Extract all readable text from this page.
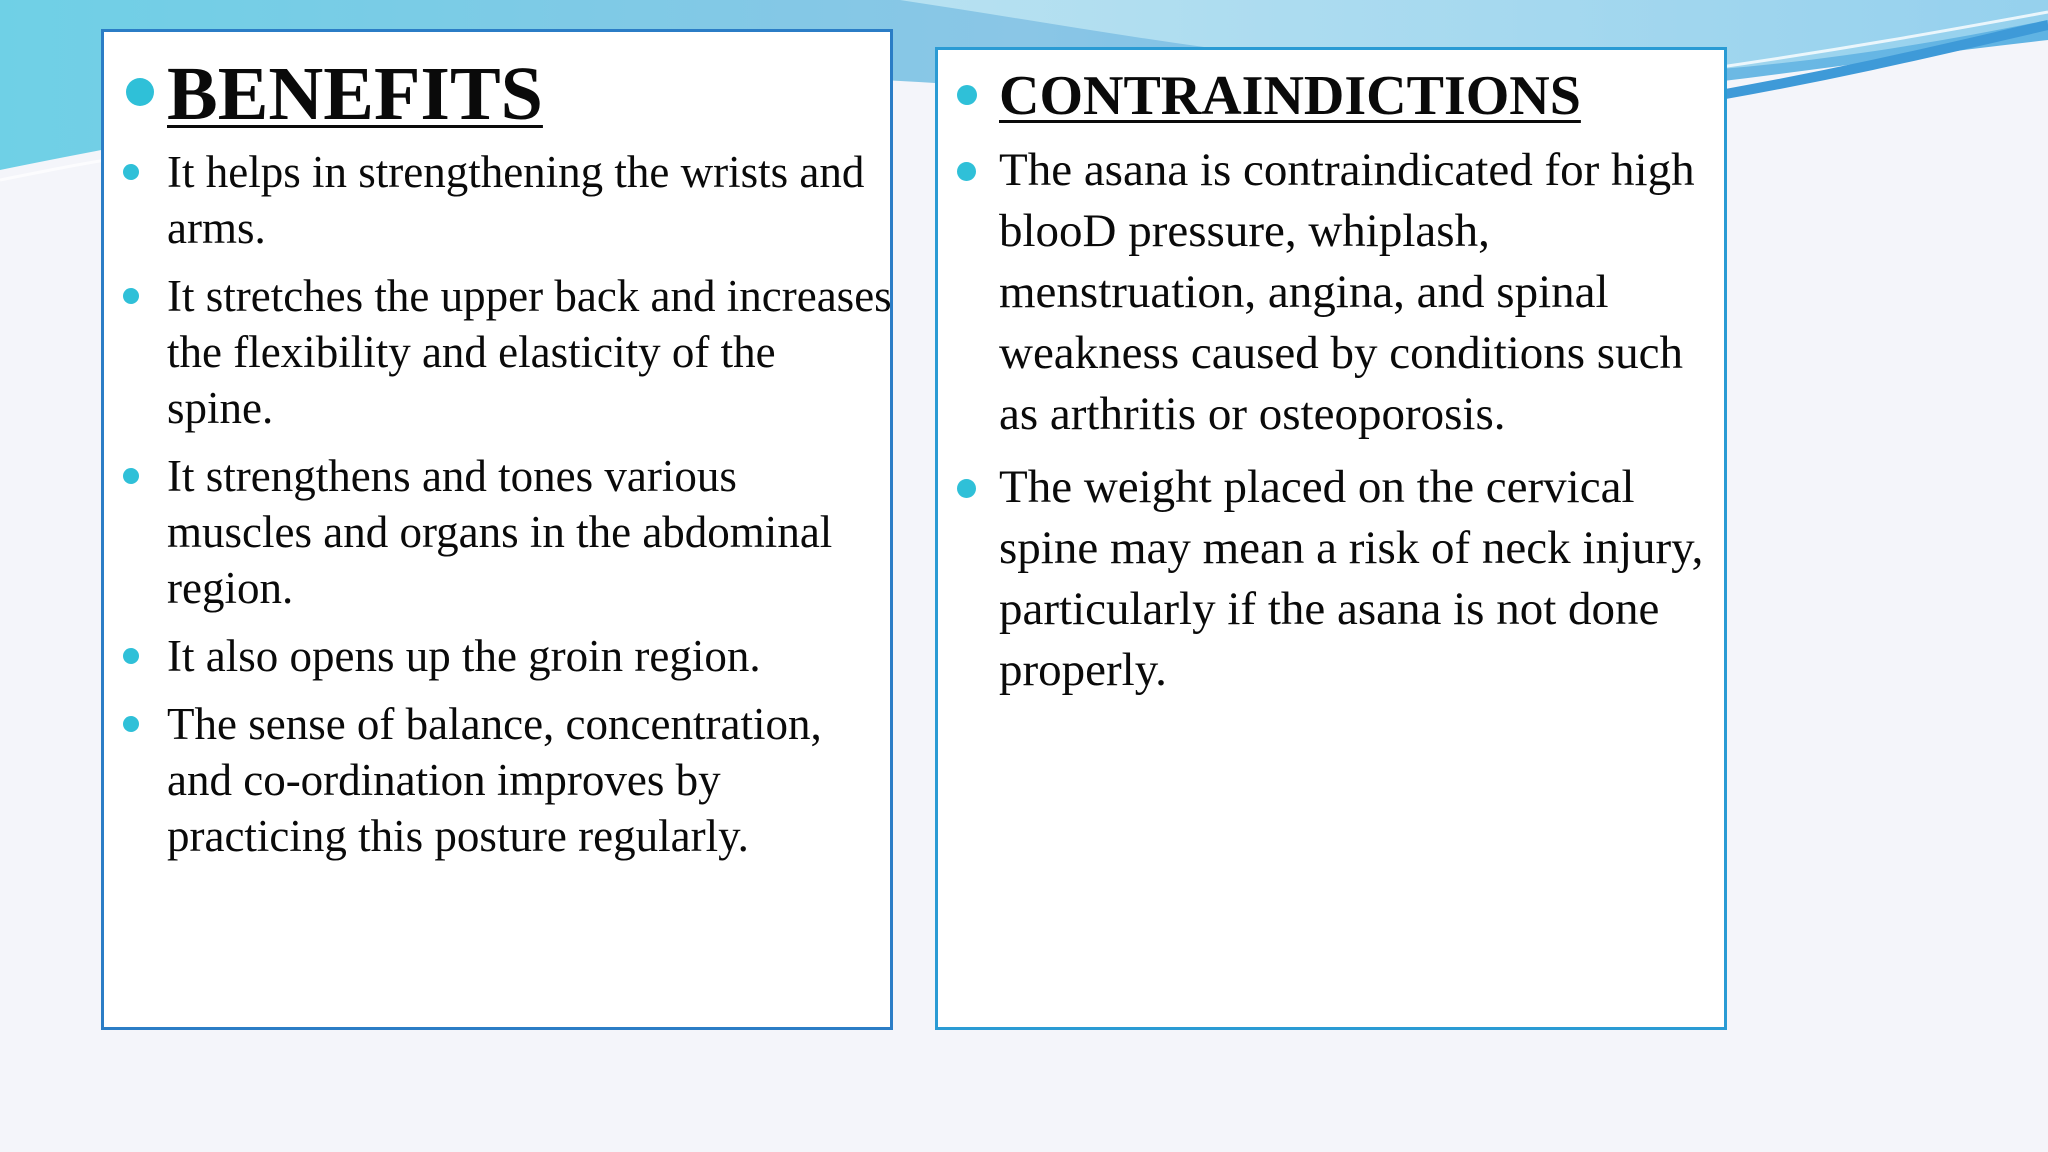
BENEFITS
It helps in strengthening the wrists and arms.
It stretches the upper back and increases the flexibility and elasticity of the spine.
It strengthens and tones various muscles and organs in the abdominal region.
It also opens up the groin region.
The sense of balance, concentration, and co-ordination improves by practicing this posture regularly.
CONTRAINDICTIONS
The asana is contraindicated for high blooD pressure, whiplash, menstruation, angina, and spinal weakness caused by conditions such as arthritis or osteoporosis.
The weight placed on the cervical spine may mean a risk of neck injury, particularly if the asana is not done properly.
